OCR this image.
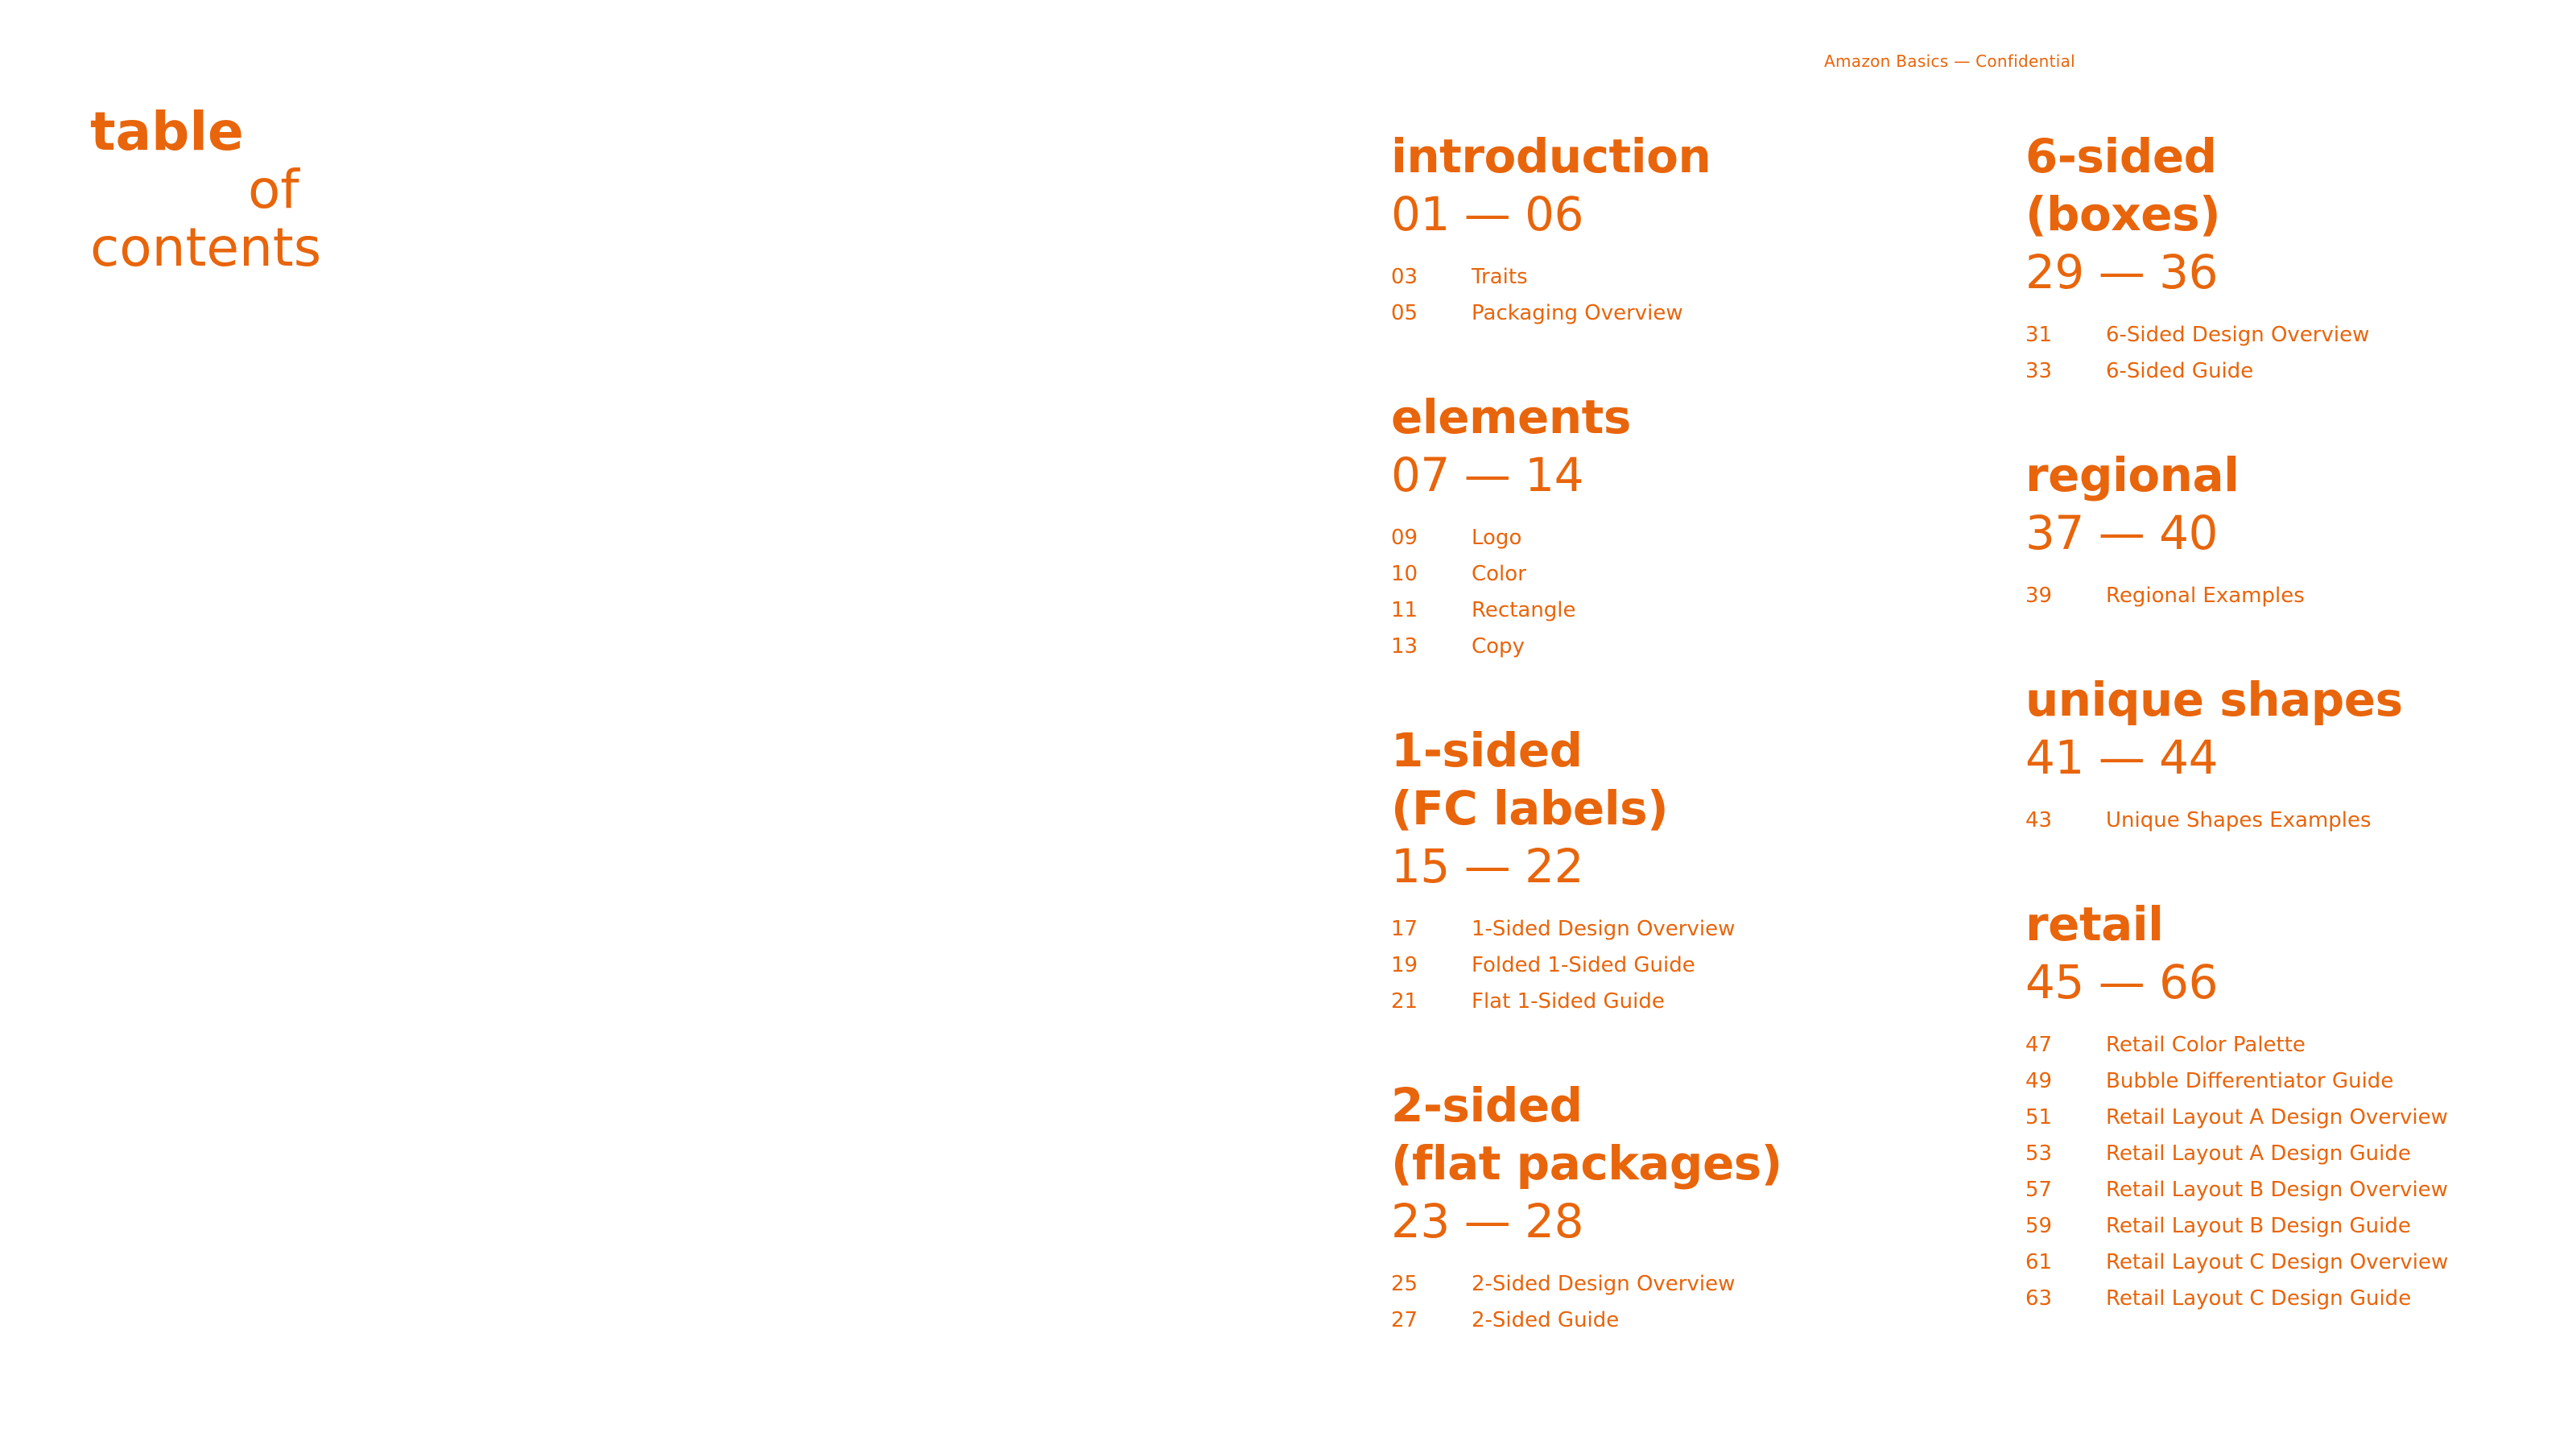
Amazon Basics — Confidential
table
of
contents
introduction
01 — 06
03	Traits
05	Packaging Overview
elements
07 — 14
09	Logo
10	Color
11	Rectangle
13	Copy
1-sided
(FC labels)
15 — 22
17	1-Sided Design Overview
19	Folded 1-Sided Guide
21	Flat 1-Sided Guide
2-sided
(flat packages)
23 — 28
25	2-Sided Design Overview
27	2-Sided Guide
6-sided
(boxes)
29 — 36
31	6-Sided Design Overview
33	6-Sided Guide
regional
37 — 40
39	Regional Examples
unique shapes
41 — 44
43	Unique Shapes Examples
retail
45 — 66
47	Retail Color Palette
49	Bubble Differentiator Guide
51	Retail Layout A Design Overview
53	Retail Layout A Design Guide
57	Retail Layout B Design Overview
59	Retail Layout B Design Guide
61	Retail Layout C Design Overview
63	Retail Layout C Design Guide
